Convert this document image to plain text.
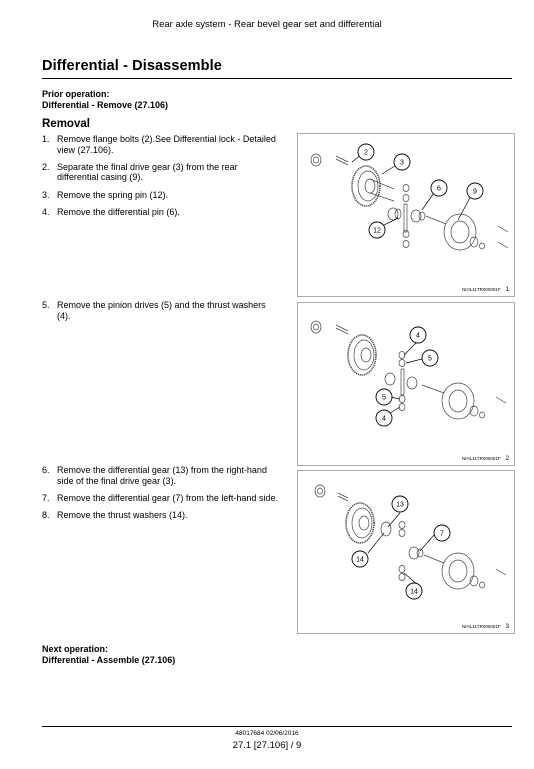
Rear axle system - Rear bevel gear set and differential
Differential - Disassemble
Prior operation:
Differential - Remove (27.106)
Removal
1. Remove flange bolts (2).See Differential lock - Detailed view (27.106).
2. Separate the final drive gear (3) from the rear differential casing (9).
3. Remove the spring pin (12).
4. Remove the differential pin (6).
5. Remove the pinion drives (5) and the thrust washers (4).
6. Remove the differential gear (13) from the right-hand side of the final drive gear (3).
7. Remove the differential gear (7) from the left-hand side.
8. Remove the thrust washers (14).
2
3
6	9
12
NHIL11TR000001F 1
4
5
5
4
NHIL11TR000001F 2
13
7
14
14
NHIL11TR000001F 3
Next operation:
Differential - Assemble (27.106)
48017684 02/06/2016
27.1 [27.106] / 9
